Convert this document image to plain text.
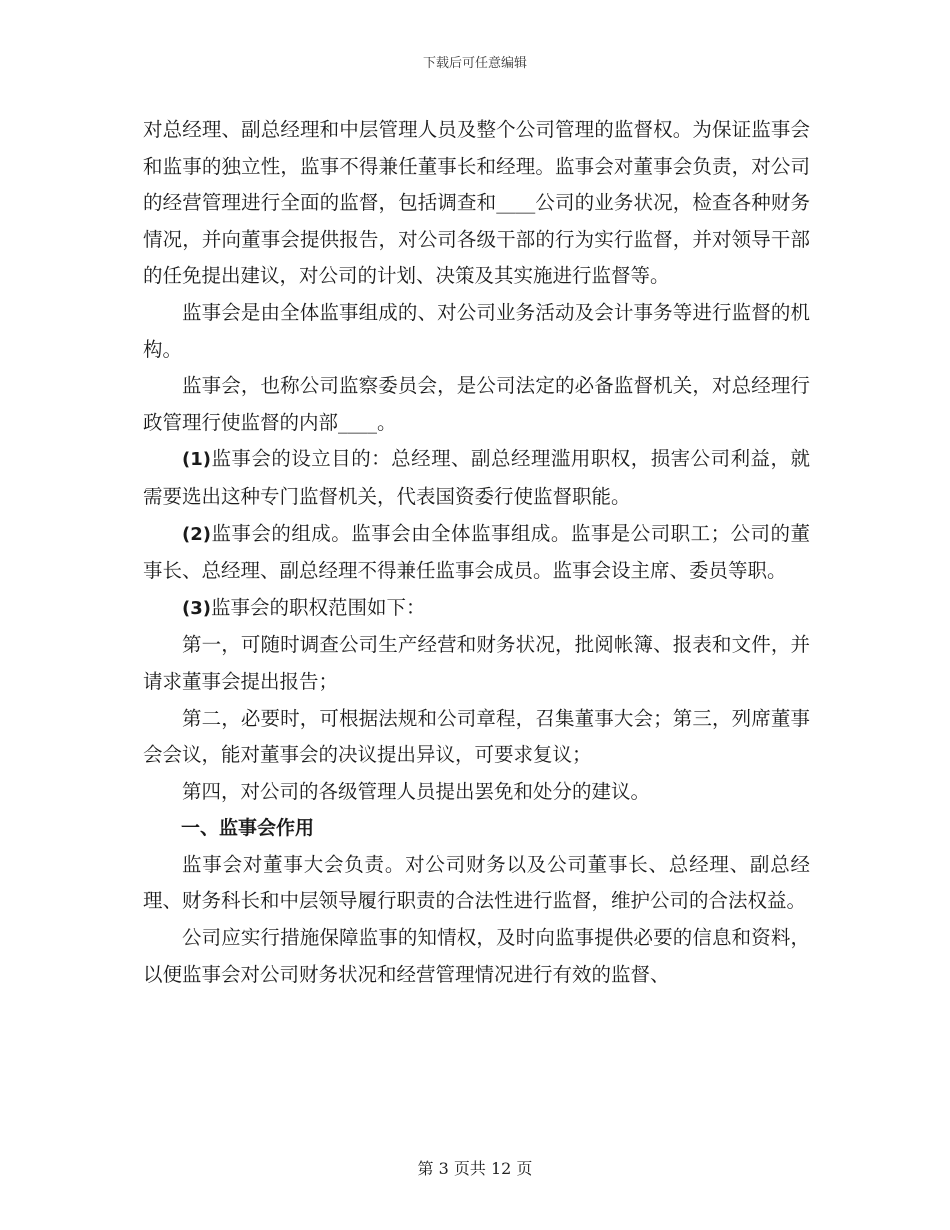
下载后可任意编辑

对总经理、副总经理和中层管理人员及整个公司管理的监督权。为保证监事会和监事的独立性，监事不得兼任董事长和经理。监事会对董事会负责，对公司的经营管理进行全面的监督，包括调查和____公司的业务状况，检查各种财务情况，并向董事会提供报告，对公司各级干部的行为实行监督，并对领导干部的任免提出建议，对公司的计划、决策及其实施进行监督等。

监事会是由全体监事组成的、对公司业务活动及会计事务等进行监督的机构。

监事会，也称公司监察委员会，是公司法定的必备监督机关，对总经理行政管理行使监督的内部____。

(1)监事会的设立目的：总经理、副总经理滥用职权，损害公司利益，就需要选出这种专门监督机关，代表国资委行使监督职能。

(2)监事会的组成。监事会由全体监事组成。监事是公司职工；公司的董事长、总经理、副总经理不得兼任监事会成员。监事会设主席、委员等职。

(3)监事会的职权范围如下：

第一，可随时调查公司生产经营和财务状况，批阅帐簿、报表和文件，并请求董事会提出报告；

第二，必要时，可根据法规和公司章程，召集董事大会；第三，列席董事会会议，能对董事会的决议提出异议，可要求复议；

第四，对公司的各级管理人员提出罢免和处分的建议。

一、监事会作用

监事会对董事大会负责。对公司财务以及公司董事长、总经理、副总经理、财务科长和中层领导履行职责的合法性进行监督，维护公司的合法权益。

公司应实行措施保障监事的知情权，及时向监事提供必要的信息和资料，以便监事会对公司财务状况和经营管理情况进行有效的监督、

第 3 页共 12 页
